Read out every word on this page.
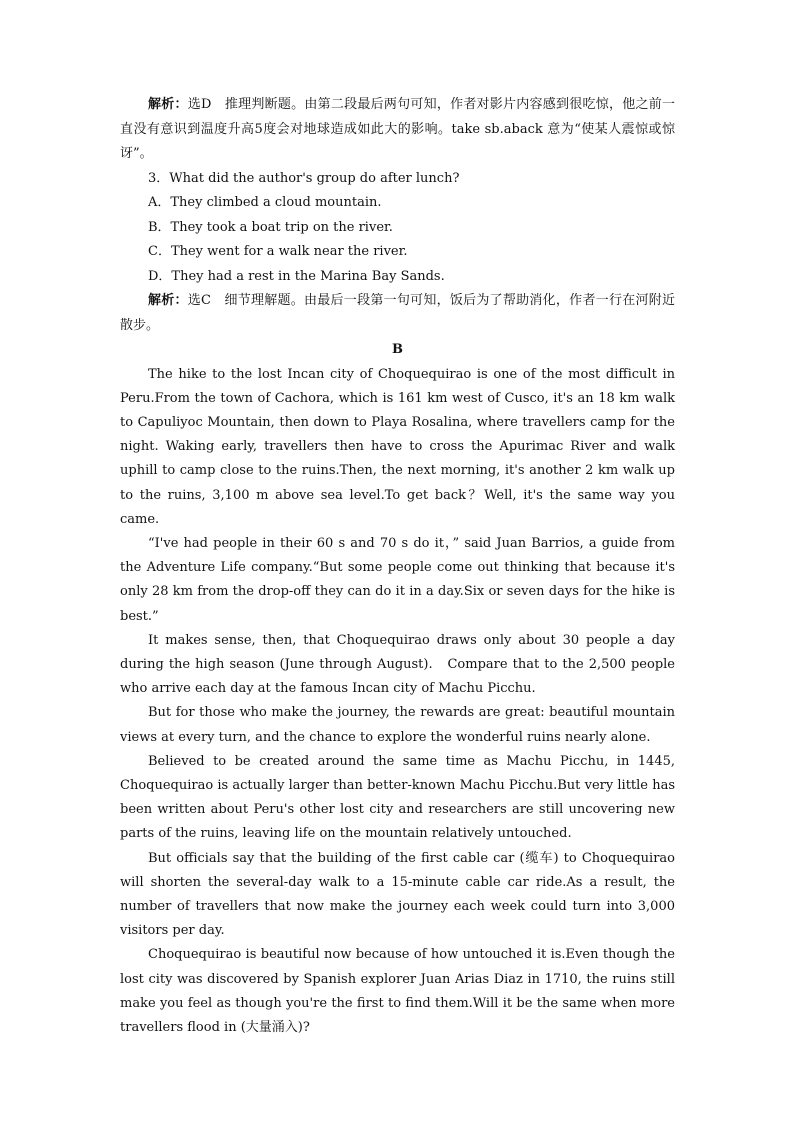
解析：选D　推理判断题。由第二段最后两句可知，作者对影片内容感到很吃惊，他之前一直没有意识到温度升高5度会对地球造成如此大的影响。take sb.aback 意为“使某人震惊或惊讶”。

3．What did the author's group do after lunch?

A．They climbed a cloud mountain.

B．They took a boat trip on the river.

C．They went for a walk near the river.

D．They had a rest in the Marina Bay Sands.

解析：选C　细节理解题。由最后一段第一句可知，饭后为了帮助消化，作者一行在河附近散步。

B

The hike to the lost Incan city of Choquequirao is one of the most difficult in Peru.From the town of Cachora, which is 161 km west of Cusco, it's an 18 km walk to Capuliyoc Mountain, then down to Playa Rosalina, where travellers camp for the night. Waking early, travellers then have to cross the Apurimac River and walk uphill to camp close to the ruins.Then, the next morning, it's another 2 km walk up to the ruins, 3,100 m above sea level.To get back？Well, it's the same way you came.

“I've had people in their 60 s and 70 s do it，” said Juan Barrios, a guide from the Adventure Life company.“But some people come out thinking that because it's only 28 km from the drop-off they can do it in a day.Six or seven days for the hike is best.”

It makes sense, then, that Choquequirao draws only about 30 people a day during the high season (June through August).　Compare that to the 2,500 people who arrive each day at the famous Incan city of Machu Picchu.

But for those who make the journey, the rewards are great: beautiful mountain views at every turn, and the chance to explore the wonderful ruins nearly alone.

Believed to be created around the same time as Machu Picchu, in 1445, Choquequirao is actually larger than better-known Machu Picchu.But very little has been written about Peru's other lost city and researchers are still uncovering new parts of the ruins, leaving life on the mountain relatively untouched.

But officials say that the building of the first cable car (缆车) to Choquequirao will shorten the several-day walk to a 15-minute cable car ride.As a result, the number of travellers that now make the journey each week could turn into 3,000 visitors per day.

Choquequirao is beautiful now because of how untouched it is.Even though the lost city was discovered by Spanish explorer Juan Arias Diaz in 1710, the ruins still make you feel as though you're the first to find them.Will it be the same when more travellers flood in (大量涌入)?
